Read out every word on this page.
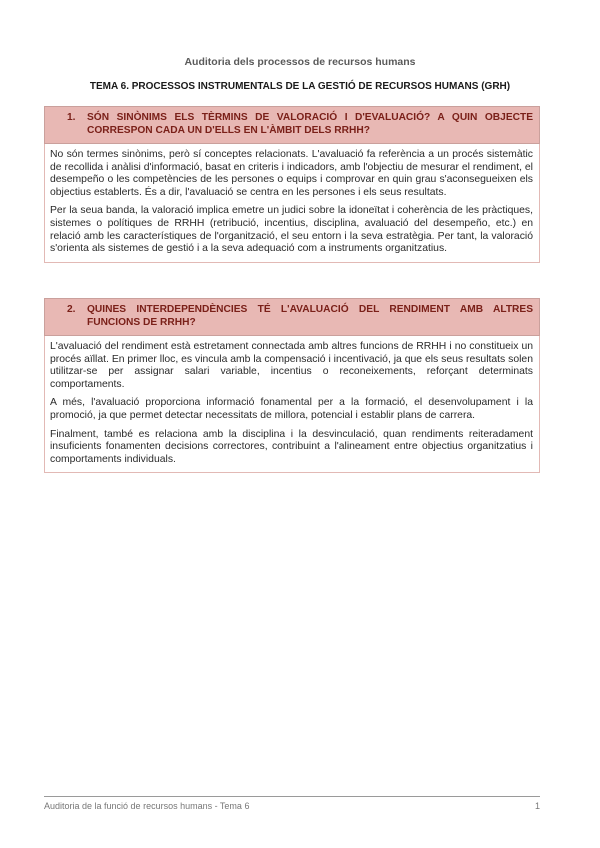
Auditoria dels processos de recursos humans
TEMA 6. PROCESSOS INSTRUMENTALS DE LA GESTIÓ DE RECURSOS HUMANS (GRH)
1.	SÓN SINÒNIMS ELS TÈRMINS DE VALORACIÓ I D'EVALUACIÓ? A QUIN OBJECTE CORRESPON CADA UN D'ELLS EN L'ÀMBIT DELS RRHH?

No són termes sinònims, però sí conceptes relacionats. L'avaluació fa referència a un procés sistemàtic de recollida i anàlisi d'informació, basat en criteris i indicadors, amb l'objectiu de mesurar el rendiment, el desempeño o les competències de les persones o equips i comprovar en quin grau s'aconsegueixen els objectius establerts. És a dir, l'avaluació se centra en les persones i els seus resultats.

Per la seua banda, la valoració implica emetre un judici sobre la idoneïtat i coherència de les pràctiques, sistemes o polítiques de RRHH (retribució, incentius, disciplina, avaluació del desempeño, etc.) en relació amb les característiques de l'organització, el seu entorn i la seva estratègia. Per tant, la valoració s'orienta als sistemes de gestió i a la seva adequació com a instruments organitzatius.

2.	QUINES INTERDEPENDÈNCIES TÉ L'AVALUACIÓ DEL RENDIMENT AMB ALTRES FUNCIONS DE RRHH?

L'avaluació del rendiment està estretament connectada amb altres funcions de RRHH i no constitueix un procés aïllat. En primer lloc, es vincula amb la compensació i incentivació, ja que els seus resultats solen utilitzar-se per assignar salari variable, incentius o reconeixements, reforçant determinats comportaments.

A més, l'avaluació proporciona informació fonamental per a la formació, el desenvolupament i la promoció, ja que permet detectar necessitats de millora, potencial i establir plans de carrera.

Finalment, també es relaciona amb la disciplina i la desvinculació, quan rendiments reiteradament insuficients fonamenten decisions correctores, contribuint a l'alineament entre objectius organitzatius i comportaments individuals.

Auditoria de la funció de recursos humans - Tema 6	1
